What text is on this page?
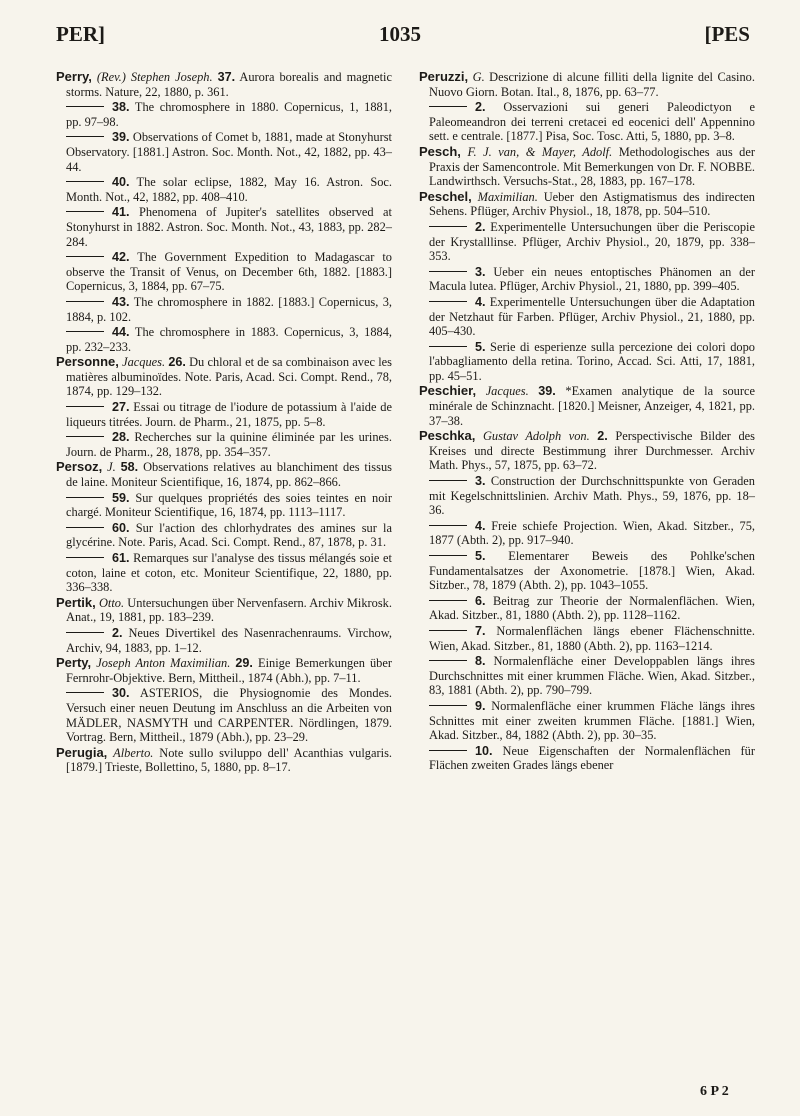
PER]	1035	[PES

Perry, (Rev.) Stephen Joseph. 37. Aurora borealis and magnetic storms. Nature, 22, 1880, p. 361.

38. The chromosphere in 1880. Copernicus, 1, 1881, pp. 97–98.

39. Observations of Comet b, 1881, made at Stonyhurst Observatory. [1881.] Astron. Soc. Month. Not., 42, 1882, pp. 43–44.

40. The solar eclipse, 1882, May 16. Astron. Soc. Month. Not., 42, 1882, pp. 408–410.

41. Phenomena of Jupiter's satellites observed at Stonyhurst in 1882. Astron. Soc. Month. Not., 43, 1883, pp. 282–284.

42. The Government Expedition to Madagascar to observe the Transit of Venus, on December 6th, 1882. [1883.] Copernicus, 3, 1884, pp. 67–75.

43. The chromosphere in 1882. [1883.] Copernicus, 3, 1884, p. 102.

44. The chromosphere in 1883. Copernicus, 3, 1884, pp. 232–233.

Personne, Jacques. 26. Du chloral et de sa combinaison avec les matières albuminoïdes. Note. Paris, Acad. Sci. Compt. Rend., 78, 1874, pp. 129–132.

27. Essai ou titrage de l'iodure de potassium à l'aide de liqueurs titrées. Journ. de Pharm., 21, 1875, pp. 5–8.

28. Recherches sur la quinine éliminée par les urines. Journ. de Pharm., 28, 1878, pp. 354–357.

Persoz, J. 58. Observations relatives au blanchiment des tissus de laine. Moniteur Scientifique, 16, 1874, pp. 862–866.

59. Sur quelques propriétés des soies teintes en noir chargé. Moniteur Scientifique, 16, 1874, pp. 1113–1117.

60. Sur l'action des chlorhydrates des amines sur la glycérine. Note. Paris, Acad. Sci. Compt. Rend., 87, 1878, p. 31.

61. Remarques sur l'analyse des tissus mélangés soie et coton, laine et coton, etc. Moniteur Scientifique, 22, 1880, pp. 336–338.

Pertik, Otto. Untersuchungen über Nervenfasern. Archiv Mikrosk. Anat., 19, 1881, pp. 183–239.

2. Neues Divertikel des Nasenrachenraums. Virchow, Archiv, 94, 1883, pp. 1–12.

Perty, Joseph Anton Maximilian. 29. Einige Bemerkungen über Fernrohr-Objektive. Bern, Mittheil., 1874 (Abh.), pp. 7–11.

30. ASTERIOS, die Physiognomie des Mondes. Versuch einer neuen Deutung im Anschluss an die Arbeiten von MÄDLER, NASMYTH und CARPENTER. Nördlingen, 1879. Vortrag. Bern, Mittheil., 1879 (Abh.), pp. 23–29.

Perugia, Alberto. Note sullo sviluppo dell' Acanthias vulgaris. [1879.] Trieste, Bollettino, 5, 1880, pp. 8–17.

Peruzzi, G. Descrizione di alcune filliti della lignite del Casino. Nuovo Giorn. Botan. Ital., 8, 1876, pp. 63–77.

2. Osservazioni sui generi Paleodictyon e Paleomeandron dei terreni cretacei ed eocenici dell' Appennino sett. e centrale. [1877.] Pisa, Soc. Tosc. Atti, 5, 1880, pp. 3–8.

Pesch, F. J. van, & Mayer, Adolf. Methodologisches aus der Praxis der Samencontrole. Mit Bemerkungen von Dr. F. NOBBE. Landwirthsch. Versuchs-Stat., 28, 1883, pp. 167–178.

Peschel, Maximilian. Ueber den Astigmatismus des indirecten Sehens. Pflüger, Archiv Physiol., 18, 1878, pp. 504–510.

2. Experimentelle Untersuchungen über die Periscopie der Krystalllinse. Pflüger, Archiv Physiol., 20, 1879, pp. 338–353.

3. Ueber ein neues entoptisches Phänomen an der Macula lutea. Pflüger, Archiv Physiol., 21, 1880, pp. 399–405.

4. Experimentelle Untersuchungen über die Adaptation der Netzhaut für Farben. Pflüger, Archiv Physiol., 21, 1880, pp. 405–430.

5. Serie di esperienze sulla percezione dei colori dopo l'abbagliamento della retina. Torino, Accad. Sci. Atti, 17, 1881, pp. 45–51.

Peschier, Jacques. 39. *Examen analytique de la source minérale de Schinznacht. [1820.] Meisner, Anzeiger, 4, 1821, pp. 37–38.

Peschka, Gustav Adolph von. 2. Perspectivische Bilder des Kreises und directe Bestimmung ihrer Durchmesser. Archiv Math. Phys., 57, 1875, pp. 63–72.

3. Construction der Durchschnittspunkte von Geraden mit Kegelschnittslinien. Archiv Math. Phys., 59, 1876, pp. 18–36.

4. Freie schiefe Projection. Wien, Akad. Sitzber., 75, 1877 (Abth. 2), pp. 917–940.

5. Elementarer Beweis des Pohlke'schen Fundamentalsatzes der Axonometrie. [1878.] Wien, Akad. Sitzber., 78, 1879 (Abth. 2), pp. 1043–1055.

6. Beitrag zur Theorie der Normalenflächen. Wien, Akad. Sitzber., 81, 1880 (Abth. 2), pp. 1128–1162.

7. Normalenflächen längs ebener Flächenschnitte. Wien, Akad. Sitzber., 81, 1880 (Abth. 2), pp. 1163–1214.

8. Normalenfläche einer Developpablen längs ihres Durchschnittes mit einer krummen Fläche. Wien, Akad. Sitzber., 83, 1881 (Abth. 2), pp. 790–799.

9. Normalenfläche einer krummen Fläche längs ihres Schnittes mit einer zweiten krummen Fläche. [1881.] Wien, Akad. Sitzber., 84, 1882 (Abth. 2), pp. 30–35.

10. Neue Eigenschaften der Normalenflächen für Flächen zweiten Grades längs ebener

6 P 2
